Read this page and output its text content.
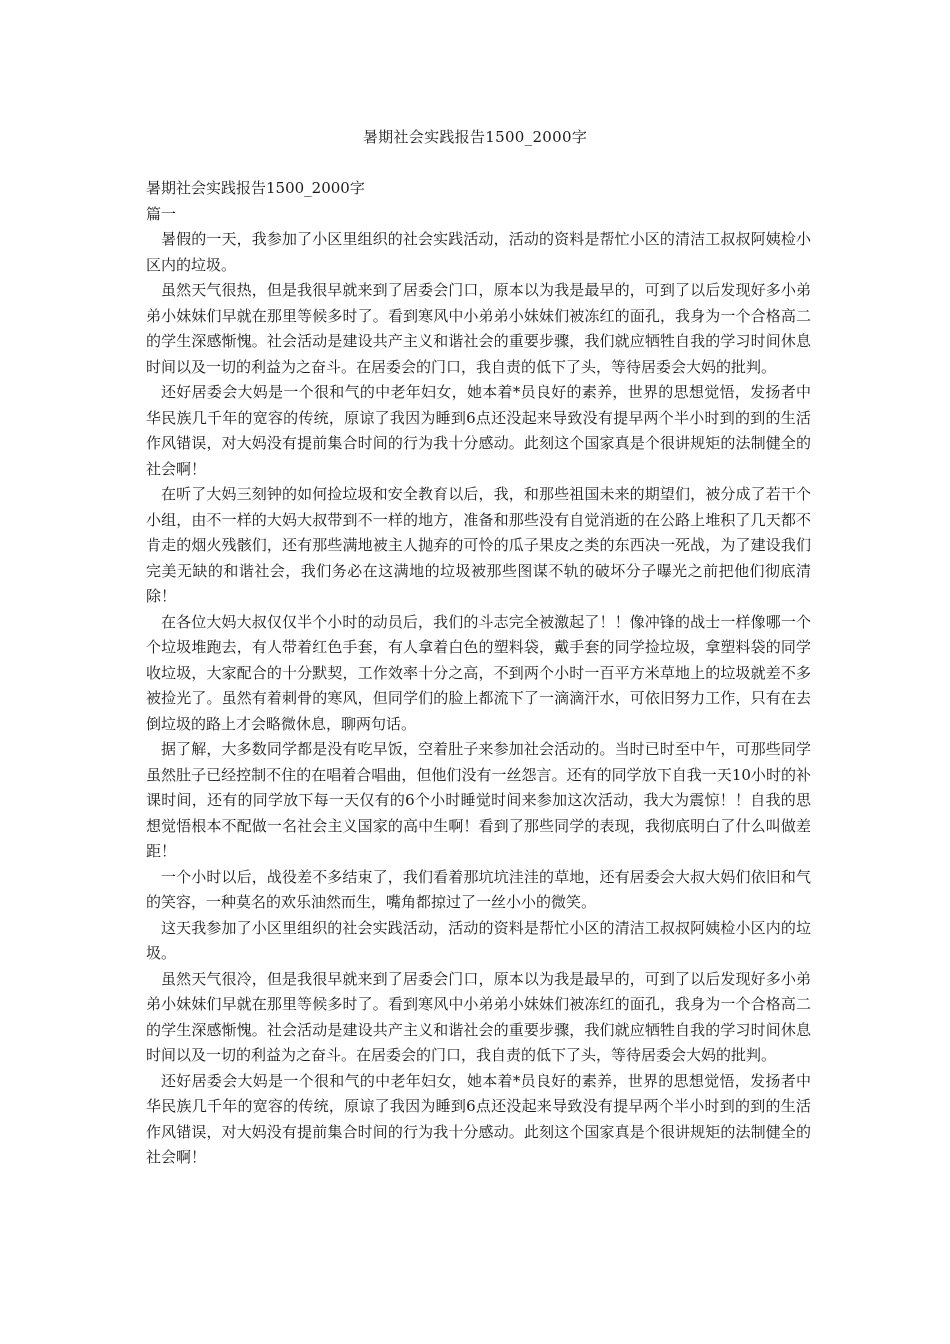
暑期社会实践报告1500_2000字

暑期社会实践报告1500_2000字

篇一

暑假的一天，我参加了小区里组织的社会实践活动，活动的资料是帮忙小区的清洁工叔叔阿姨检小区内的垃圾。

虽然天气很热，但是我很早就来到了居委会门口，原本以为我是最早的，可到了以后发现好多小弟弟小妹妹们早就在那里等候多时了。看到寒风中小弟弟小妹妹们被冻红的面孔，我身为一个合格高二的学生深感惭愧。社会活动是建设共产主义和谐社会的重要步骤，我们就应牺牲自我的学习时间休息时间以及一切的利益为之奋斗。在居委会的门口，我自责的低下了头，等待居委会大妈的批判。

还好居委会大妈是一个很和气的中老年妇女，她本着*员良好的素养，世界的思想觉悟，发扬者中华民族几千年的宽容的传统，原谅了我因为睡到6点还没起来导致没有提早两个半小时到的到的生活作风错误，对大妈没有提前集合时间的行为我十分感动。此刻这个国家真是个很讲规矩的法制健全的社会啊！

在听了大妈三刻钟的如何捡垃圾和安全教育以后，我，和那些祖国未来的期望们，被分成了若干个小组，由不一样的大妈大叔带到不一样的地方，准备和那些没有自觉消逝的在公路上堆积了几天都不肯走的烟火残骸们，还有那些满地被主人抛弃的可怜的瓜子果皮之类的东西决一死战，为了建设我们完美无缺的和谐社会，我们务必在这满地的垃圾被那些图谋不轨的破坏分子曝光之前把他们彻底清除！

在各位大妈大叔仅仅半个小时的动员后，我们的斗志完全被激起了！！像冲锋的战士一样像哪一个个垃圾堆跑去，有人带着红色手套，有人拿着白色的塑料袋，戴手套的同学捡垃圾，拿塑料袋的同学收垃圾，大家配合的十分默契，工作效率十分之高，不到两个小时一百平方米草地上的垃圾就差不多被捡光了。虽然有着刺骨的寒风，但同学们的脸上都流下了一滴滴汗水，可依旧努力工作，只有在去倒垃圾的路上才会略微休息，聊两句话。

据了解，大多数同学都是没有吃早饭，空着肚子来参加社会活动的。当时已时至中午，可那些同学虽然肚子已经控制不住的在唱着合唱曲，但他们没有一丝怨言。还有的同学放下自我一天10小时的补课时间，还有的同学放下每一天仅有的6个小时睡觉时间来参加这次活动，我大为震惊！！自我的思想觉悟根本不配做一名社会主义国家的高中生啊！看到了那些同学的表现，我彻底明白了什么叫做差距！

一个小时以后，战役差不多结束了，我们看着那坑坑洼洼的草地，还有居委会大叔大妈们依旧和气的笑容，一种莫名的欢乐油然而生，嘴角都掠过了一丝小小的微笑。

这天我参加了小区里组织的社会实践活动，活动的资料是帮忙小区的清洁工叔叔阿姨检小区内的垃圾。

虽然天气很冷，但是我很早就来到了居委会门口，原本以为我是最早的，可到了以后发现好多小弟弟小妹妹们早就在那里等候多时了。看到寒风中小弟弟小妹妹们被冻红的面孔，我身为一个合格高二的学生深感惭愧。社会活动是建设共产主义和谐社会的重要步骤，我们就应牺牲自我的学习时间休息时间以及一切的利益为之奋斗。在居委会的门口，我自责的低下了头，等待居委会大妈的批判。

还好居委会大妈是一个很和气的中老年妇女，她本着*员良好的素养，世界的思想觉悟，发扬者中华民族几千年的宽容的传统，原谅了我因为睡到6点还没起来导致没有提早两个半小时到的到的生活作风错误，对大妈没有提前集合时间的行为我十分感动。此刻这个国家真是个很讲规矩的法制健全的社会啊！
